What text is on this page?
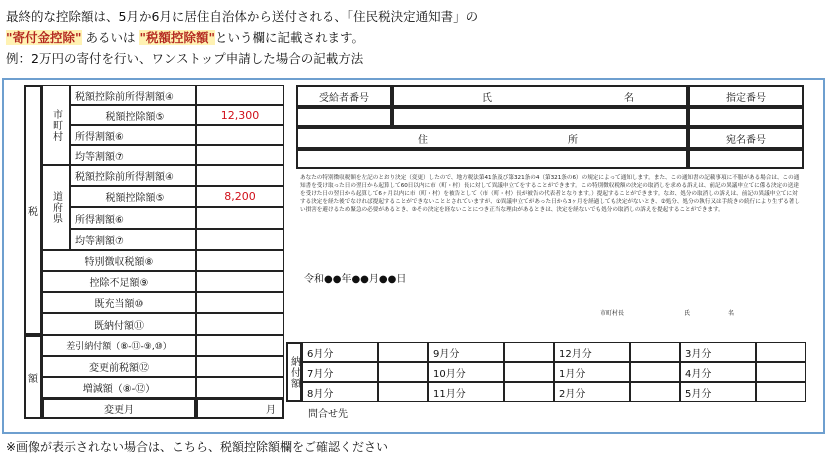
最終的な控除額は、5月か6月に居住自治体から送付される、「住民税決定通知書」の
"寄付金控除" あるいは "税額控除額"という欄に記載されます。
例：2万円の寄付を行い、ワンストップ申請した場合の記載方法
税
額
市町村
道府県
税額控除前所得割額④
税額控除額⑤	12,300
所得割額⑥
均等割額⑦
税額控除前所得割額④
税額控除額⑤	8,200
所得割額⑥
均等割額⑦
特別徴収税額⑧
控除不足額⑨
既充当額⑩
既納付額⑪
差引納付額（⑧-⑪-⑨,⑩）
変更前税額⑫
増減額（⑧-⑫）
変更月	月
受給者番号	氏	名	指定番号
住	所	宛名番号
あなたの特別徴収税額を左記のとおり決定（変更）したので、地方税法第41条及び第321条の4（第321条の6）の規定によって通知します。また、この通知書の記載事項に不服がある場合は、この通知書を受け取った日の翌日から起算して60日以内に市（町・村）長に対して異議申立てをすることができます。この特別徴収税額の決定の取消しを求める訴えは、前記の異議申立てに係る決定の送達を受けた日の翌日から起算して6ヶ月以内に市（町・村）を被告として（市（町・村）長が被告の代表者となります。）提起することができます。なお、処分の取消しの訴えは、前記の異議申立てに対する決定を経た後でなければ提起することができないこととされていますが、①異議申立てがあった日から3ヶ月を経過しても決定がないとき、②処分、処分の執行又は手続きの続行により生ずる著しい損害を避けるため緊急の必要があるとき、③その決定を経ないことにつき正当な理由があるときは、決定を経ないでも処分の取消しの訴えを提起することができます。
令和●●年●●月●●日
市町村長	氏	名
納付額
6月分	9月分	12月分	3月分
7月分	10月分	1月分	4月分
8月分	11月分	2月分	5月分
問合せ先
※画像が表示されない場合は、こちら、税額控除額欄をご確認ください
